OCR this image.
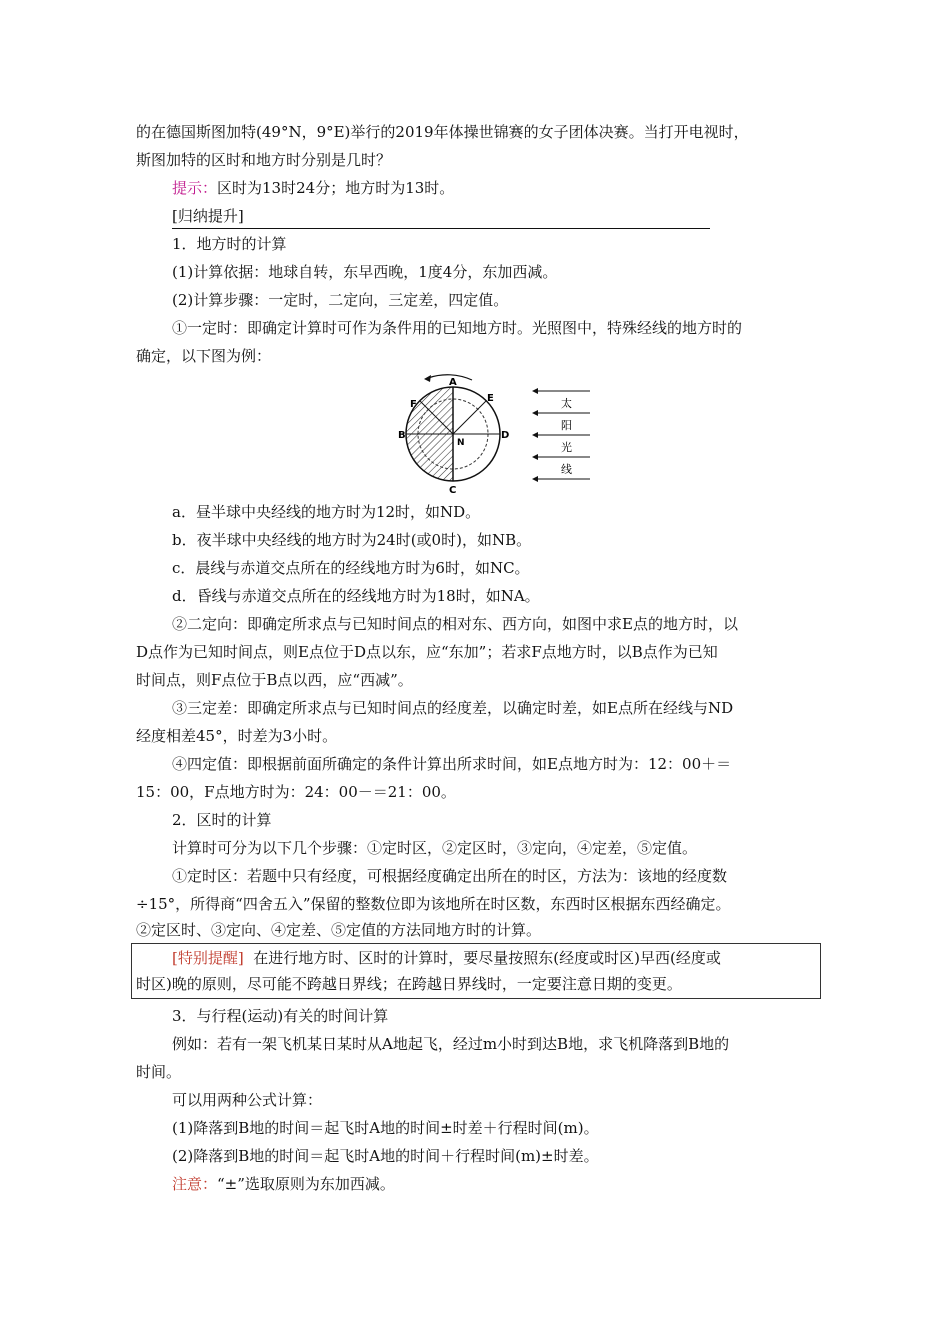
的在德国斯图加特(49°N，9°E)举行的2019年体操世锦赛的女子团体决赛。当打开电视时，
斯图加特的区时和地方时分别是几时？
提示：区时为13时24分；地方时为13时。
[归纳提升]
1．地方时的计算
(1)计算依据：地球自转，东早西晚，1度4分，东加西减。
(2)计算步骤：一定时，二定向，三定差，四定值。
①一定时：即确定计算时可作为条件用的已知地方时。光照图中，特殊经线的地方时的
确定，以下图为例：
A
B
C
D
E
F
N
太
阳
光
线
a．昼半球中央经线的地方时为12时，如ND。
b．夜半球中央经线的地方时为24时(或0时)，如NB。
c．晨线与赤道交点所在的经线地方时为6时，如NC。
d．昏线与赤道交点所在的经线地方时为18时，如NA。
②二定向：即确定所求点与已知时间点的相对东、西方向，如图中求E点的地方时，以
D点作为已知时间点，则E点位于D点以东，应“东加”；若求F点地方时，以B点作为已知
时间点，则F点位于B点以西，应“西减”。
③三定差：即确定所求点与已知时间点的经度差，以确定时差，如E点所在经线与ND
经度相差45°，时差为3小时。
④四定值：即根据前面所确定的条件计算出所求时间，如E点地方时为：12：00＋＝
15：00，F点地方时为：24：00－＝21：00。
2．区时的计算
计算时可分为以下几个步骤：①定时区，②定区时，③定向，④定差，⑤定值。
①定时区：若题中只有经度，可根据经度确定出所在的时区，方法为：该地的经度数
÷15°，所得商“四舍五入”保留的整数位即为该地所在时区数，东西时区根据东西经确定。
②定区时、③定向、④定差、⑤定值的方法同地方时的计算。
[特别提醒] 在进行地方时、区时的计算时，要尽量按照东(经度或时区)早西(经度或
时区)晚的原则，尽可能不跨越日界线；在跨越日界线时，一定要注意日期的变更。
3．与行程(运动)有关的时间计算
例如：若有一架飞机某日某时从A地起飞，经过m小时到达B地，求飞机降落到B地的
时间。
可以用两种公式计算：
(1)降落到B地的时间＝起飞时A地的时间±时差＋行程时间(m)。
(2)降落到B地的时间＝起飞时A地的时间＋行程时间(m)±时差。
注意：“±”选取原则为东加西减。
